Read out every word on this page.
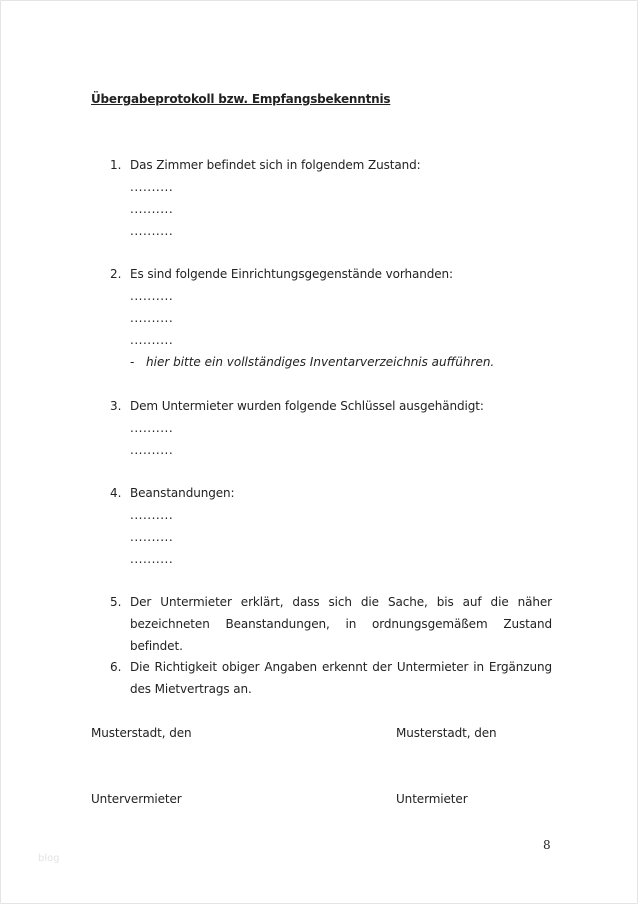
Übergabeprotokoll bzw. Empfangsbekenntnis
1. Das Zimmer befindet sich in folgendem Zustand:
..........
..........
..........
2. Es sind folgende Einrichtungsgegenstände vorhanden:
..........
..........
..........
- hier bitte ein vollständiges Inventarverzeichnis aufführen.
3. Dem Untermieter wurden folgende Schlüssel ausgehändigt:
..........
..........
4. Beanstandungen:
..........
..........
..........
5. Der Untermieter erklärt, dass sich die Sache, bis auf die näher bezeichneten Beanstandungen, in ordnungsgemäßem Zustand befindet.
6. Die Richtigkeit obiger Angaben erkennt der Untermieter in Ergänzung des Mietvertrags an.
Musterstadt, den	Musterstadt, den
Untervermieter	Untermieter
8
blog
